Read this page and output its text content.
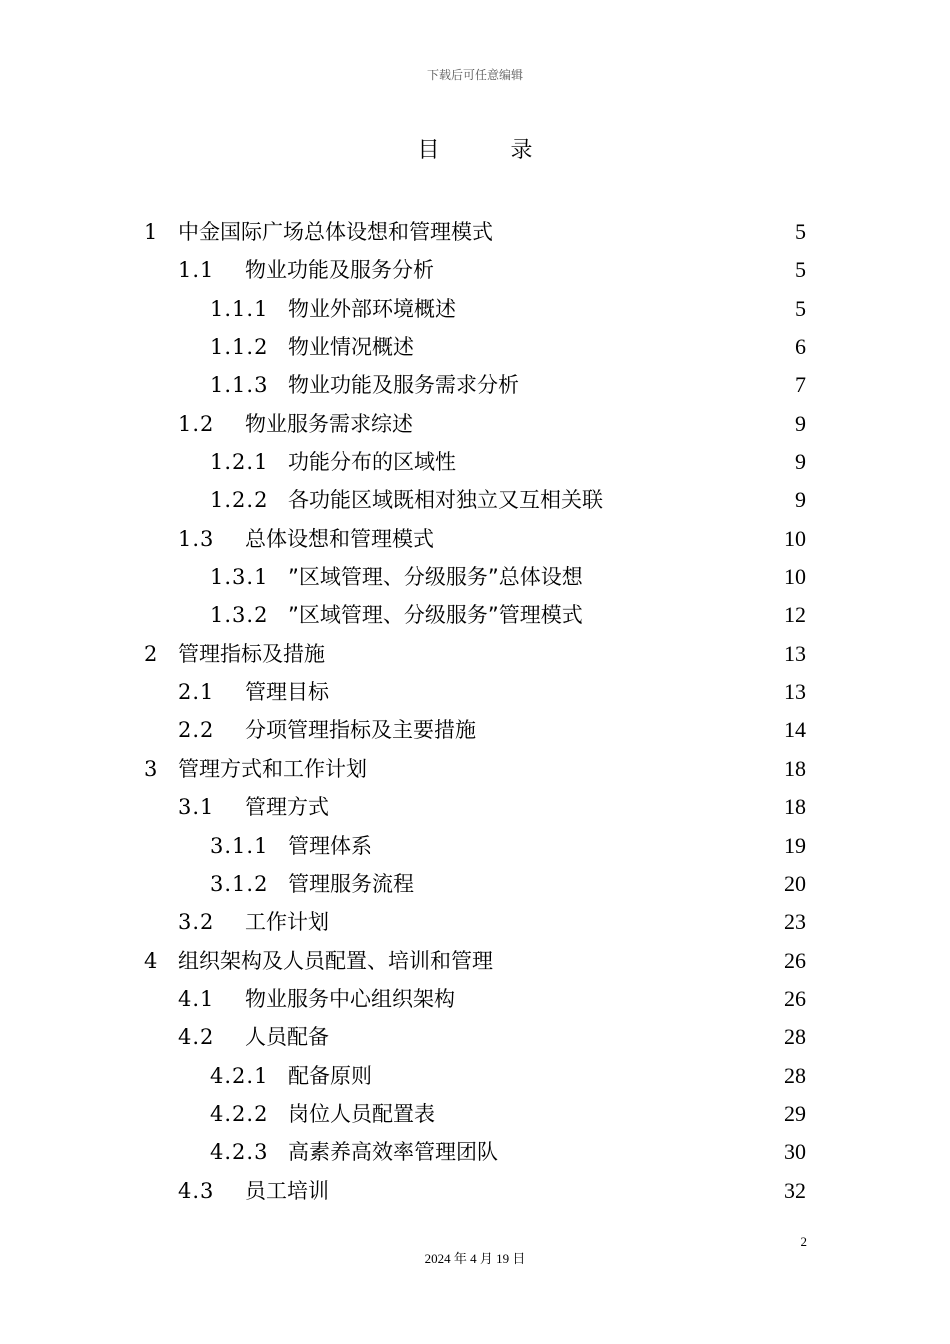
下载后可任意编辑
目 录
1 中金国际广场总体设想和管理模式	5
1.1 物业功能及服务分析	5
1.1.1 物业外部环境概述	5
1.1.2 物业情况概述	6
1.1.3 物业功能及服务需求分析	7
1.2 物业服务需求综述	9
1.2.1 功能分布的区域性	9
1.2.2 各功能区域既相对独立又互相关联	9
1.3 总体设想和管理模式	10
1.3.1 ”区域管理、分级服务”总体设想	10
1.3.2 ”区域管理、分级服务”管理模式	12
2 管理指标及措施	13
2.1 管理目标	13
2.2 分项管理指标及主要措施	14
3 管理方式和工作计划	18
3.1 管理方式	18
3.1.1 管理体系	19
3.1.2 管理服务流程	20
3.2 工作计划	23
4 组织架构及人员配置、培训和管理	26
4.1 物业服务中心组织架构	26
4.2 人员配备	28
4.2.1 配备原则	28
4.2.2 岗位人员配置表	29
4.2.3 高素养高效率管理团队	30
4.3 员工培训	32
2
2024 年 4 月 19 日
